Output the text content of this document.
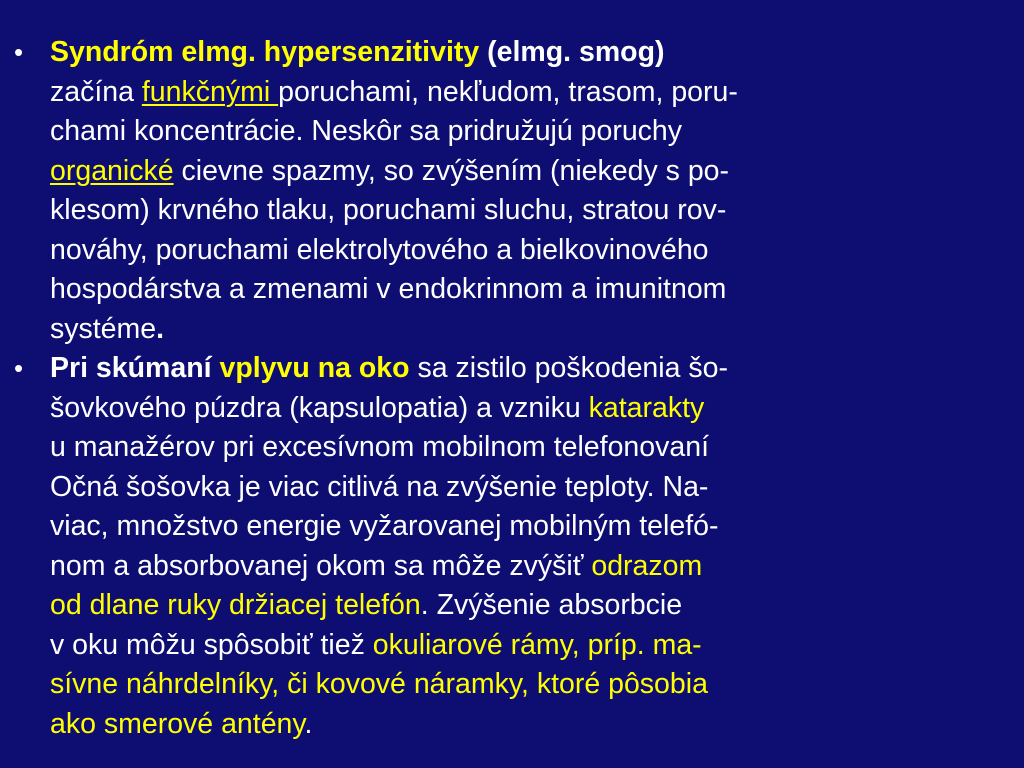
• Syndróm elmg. hypersenzitivity (elmg. smog)
začína funkčnými poruchami, nekľudom, trasom, poru-
chami koncentrácie. Neskôr sa pridružujú poruchy
organické cievne spazmy, so zvýšením (niekedy s po-
klesom) krvného tlaku, poruchami sluchu, stratou rov-
nováhy, poruchami elektrolytového a bielkovinového
hospodárstva a zmenami v endokrinnom a imunitnom
systéme.
• Pri skúmaní vplyvu na oko sa zistilo poškodenia šo-
šovkového púzdra (kapsulopatia) a vzniku katarakty
u manažérov pri excesívnom mobilnom telefonovaní
Očná šošovka je viac citlivá na zvýšenie teploty. Na-
viac, množstvo energie vyžarovanej mobilným telefó-
nom a absorbovanej okom sa môže zvýšiť odrazom
od dlane ruky držiacej telefón. Zvýšenie absorbcie
v oku môžu spôsobiť tiež okuliarové rámy, príp. ma-
sívne náhrdelníky, či kovové náramky, ktoré pôsobia
ako smerové antény.
